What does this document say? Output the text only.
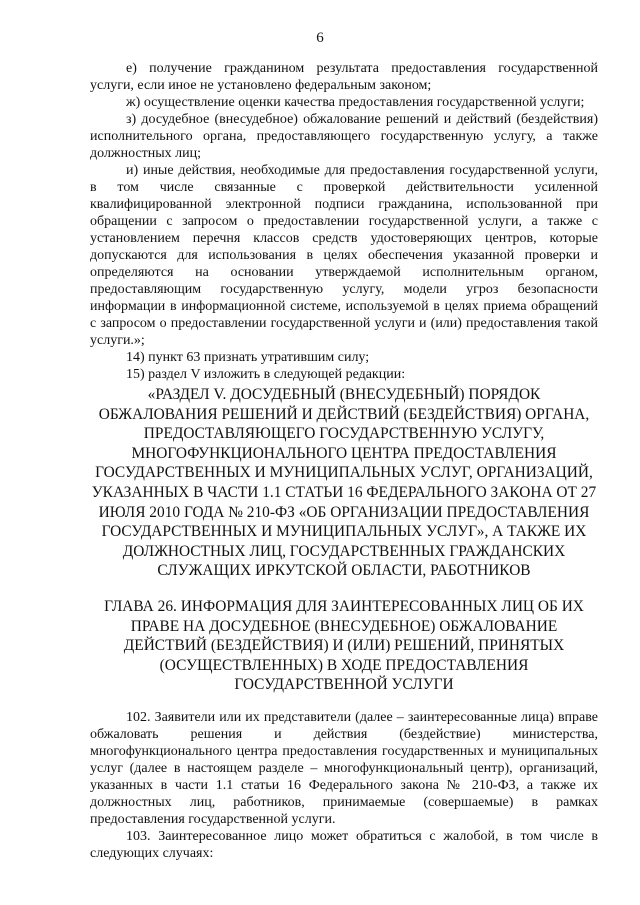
6

е) получение гражданином результата предоставления государственной услуги, если иное не установлено федеральным законом;

ж) осуществление оценки качества предоставления государственной услуги;

з) досудебное (внесудебное) обжалование решений и действий (бездействия) исполнительного органа, предоставляющего государственную услугу, а также должностных лиц;

и) иные действия, необходимые для предоставления государственной услуги, в том числе связанные с проверкой действительности усиленной квалифицированной электронной подписи гражданина, использованной при обращении с запросом о предоставлении государственной услуги, а также с установлением перечня классов средств удостоверяющих центров, которые допускаются для использования в целях обеспечения указанной проверки и определяются на основании утверждаемой исполнительным органом, предоставляющим государственную услугу, модели угроз безопасности информации в информационной системе, используемой в целях приема обращений с запросом о предоставлении государственной услуги и (или) предоставления такой услуги.»;

14) пункт 63 признать утратившим силу;

15) раздел V изложить в следующей редакции:

«РАЗДЕЛ V. ДОСУДЕБНЫЙ (ВНЕСУДЕБНЫЙ) ПОРЯДОК ОБЖАЛОВАНИЯ РЕШЕНИЙ И ДЕЙСТВИЙ (БЕЗДЕЙСТВИЯ) ОРГАНА, ПРЕДОСТАВЛЯЮЩЕГО ГОСУДАРСТВЕННУЮ УСЛУГУ, МНОГОФУНКЦИОНАЛЬНОГО ЦЕНТРА ПРЕДОСТАВЛЕНИЯ ГОСУДАРСТВЕННЫХ И МУНИЦИПАЛЬНЫХ УСЛУГ, ОРГАНИЗАЦИЙ, УКАЗАННЫХ В ЧАСТИ 1.1 СТАТЬИ 16 ФЕДЕРАЛЬНОГО ЗАКОНА ОТ 27 ИЮЛЯ 2010 ГОДА № 210-ФЗ «ОБ ОРГАНИЗАЦИИ ПРЕДОСТАВЛЕНИЯ ГОСУДАРСТВЕННЫХ И МУНИЦИПАЛЬНЫХ УСЛУГ», А ТАКЖЕ ИХ ДОЛЖНОСТНЫХ ЛИЦ, ГОСУДАРСТВЕННЫХ ГРАЖДАНСКИХ СЛУЖАЩИХ ИРКУТСКОЙ ОБЛАСТИ, РАБОТНИКОВ

ГЛАВА 26. ИНФОРМАЦИЯ ДЛЯ ЗАИНТЕРЕСОВАННЫХ ЛИЦ ОБ ИХ ПРАВЕ НА ДОСУДЕБНОЕ (ВНЕСУДЕБНОЕ) ОБЖАЛОВАНИЕ ДЕЙСТВИЙ (БЕЗДЕЙСТВИЯ) И (ИЛИ) РЕШЕНИЙ, ПРИНЯТЫХ (ОСУЩЕСТВЛЕННЫХ) В ХОДЕ ПРЕДОСТАВЛЕНИЯ ГОСУДАРСТВЕННОЙ УСЛУГИ

102. Заявители или их представители (далее – заинтересованные лица) вправе обжаловать решения и действия (бездействие) министерства, многофункционального центра предоставления государственных и муниципальных услуг (далее в настоящем разделе – многофункциональный центр), организаций, указанных в части 1.1 статьи 16 Федерального закона № 210-ФЗ, а также их должностных лиц, работников, принимаемые (совершаемые) в рамках предоставления государственной услуги.

103. Заинтересованное лицо может обратиться с жалобой, в том числе в следующих случаях:
